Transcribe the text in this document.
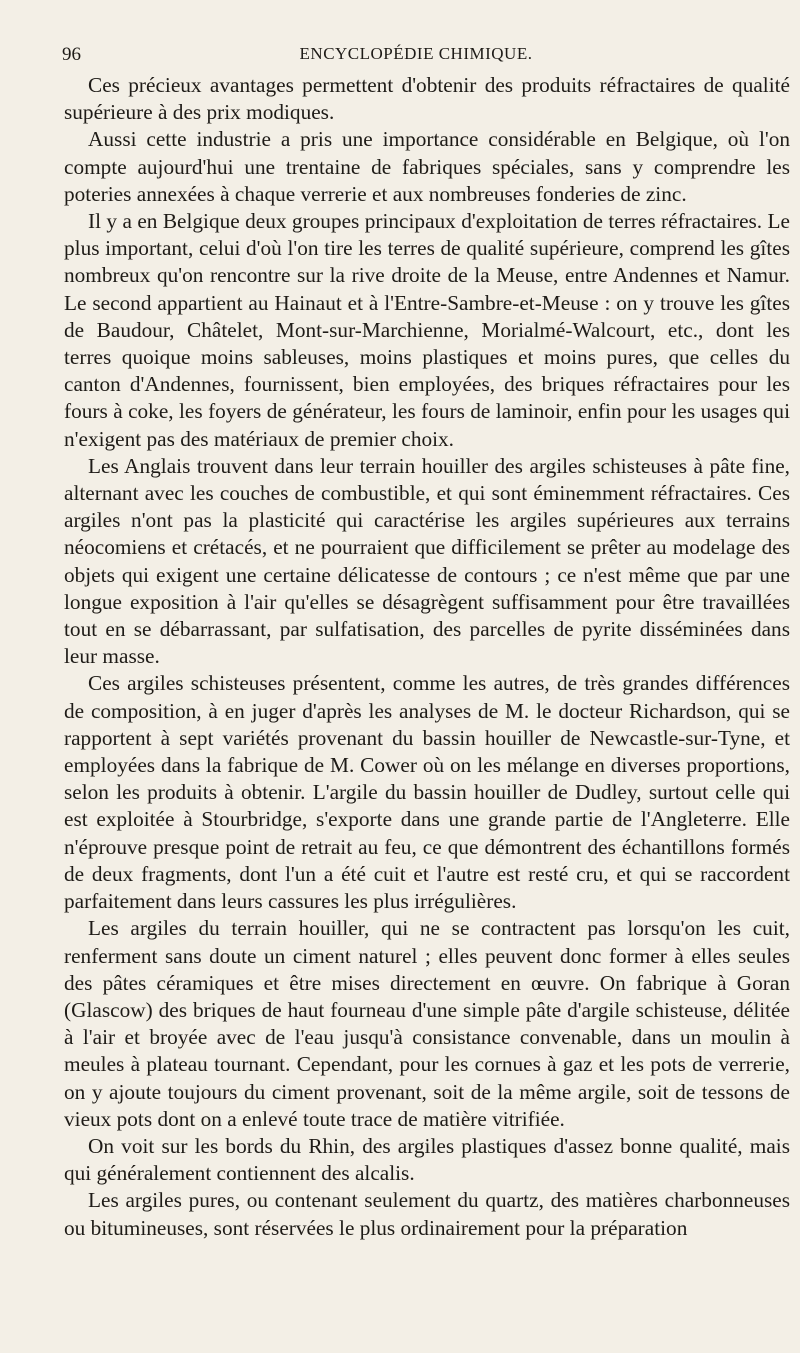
96	ENCYCLOPÉDIE CHIMIQUE.

Ces précieux avantages permettent d'obtenir des produits réfractaires de qualité supérieure à des prix modiques.

Aussi cette industrie a pris une importance considérable en Belgique, où l'on compte aujourd'hui une trentaine de fabriques spéciales, sans y comprendre les poteries annexées à chaque verrerie et aux nombreuses fonderies de zinc.

Il y a en Belgique deux groupes principaux d'exploitation de terres réfractaires. Le plus important, celui d'où l'on tire les terres de qualité supérieure, comprend les gîtes nombreux qu'on rencontre sur la rive droite de la Meuse, entre Andennes et Namur. Le second appartient au Hainaut et à l'Entre-Sambre-et-Meuse : on y trouve les gîtes de Baudour, Châtelet, Mont-sur-Marchienne, Morialmé-Walcourt, etc., dont les terres quoique moins sableuses, moins plastiques et moins pures, que celles du canton d'Andennes, fournissent, bien employées, des briques réfractaires pour les fours à coke, les foyers de générateur, les fours de laminoir, enfin pour les usages qui n'exigent pas des matériaux de premier choix.

Les Anglais trouvent dans leur terrain houiller des argiles schisteuses à pâte fine, alternant avec les couches de combustible, et qui sont éminemment réfractaires. Ces argiles n'ont pas la plasticité qui caractérise les argiles supérieures aux terrains néocomiens et crétacés, et ne pourraient que difficilement se prêter au modelage des objets qui exigent une certaine délicatesse de contours ; ce n'est même que par une longue exposition à l'air qu'elles se désagrègent suffisamment pour être travaillées tout en se débarrassant, par sulfatisation, des parcelles de pyrite disséminées dans leur masse.

Ces argiles schisteuses présentent, comme les autres, de très grandes différences de composition, à en juger d'après les analyses de M. le docteur Richardson, qui se rapportent à sept variétés provenant du bassin houiller de Newcastle-sur-Tyne, et employées dans la fabrique de M. Cower où on les mélange en diverses proportions, selon les produits à obtenir. L'argile du bassin houiller de Dudley, surtout celle qui est exploitée à Stourbridge, s'exporte dans une grande partie de l'Angleterre. Elle n'éprouve presque point de retrait au feu, ce que démontrent des échantillons formés de deux fragments, dont l'un a été cuit et l'autre est resté cru, et qui se raccordent parfaitement dans leurs cassures les plus irrégulières.

Les argiles du terrain houiller, qui ne se contractent pas lorsqu'on les cuit, renferment sans doute un ciment naturel ; elles peuvent donc former à elles seules des pâtes céramiques et être mises directement en œuvre. On fabrique à Goran (Glascow) des briques de haut fourneau d'une simple pâte d'argile schisteuse, délitée à l'air et broyée avec de l'eau jusqu'à consistance convenable, dans un moulin à meules à plateau tournant. Cependant, pour les cornues à gaz et les pots de verrerie, on y ajoute toujours du ciment provenant, soit de la même argile, soit de tessons de vieux pots dont on a enlevé toute trace de matière vitrifiée.

On voit sur les bords du Rhin, des argiles plastiques d'assez bonne qualité, mais qui généralement contiennent des alcalis.

Les argiles pures, ou contenant seulement du quartz, des matières charbonneuses ou bitumineuses, sont réservées le plus ordinairement pour la préparation
